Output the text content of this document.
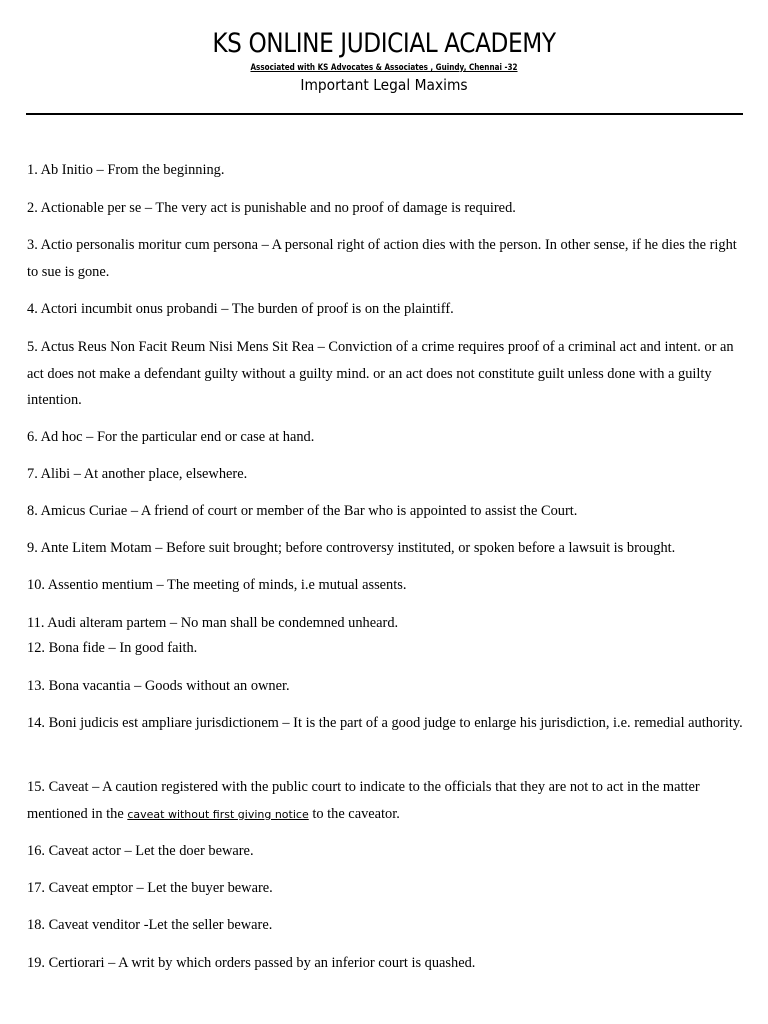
KS ONLINE JUDICIAL ACADEMY
Associated with KS Advocates & Associates , Guindy, Chennai -32
Important Legal Maxims
1. Ab Initio – From the beginning.
2. Actionable per se – The very act is punishable and no proof of damage is required.
3. Actio personalis moritur cum persona – A personal right of action dies with the person. In other sense, if he dies the right to sue is gone.
4. Actori incumbit onus probandi – The burden of proof is on the plaintiff.
5. Actus Reus Non Facit Reum Nisi Mens Sit Rea – Conviction of a crime requires proof of a criminal act and intent. or an act does not make a defendant guilty without a guilty mind. or an act does not constitute guilt unless done with a guilty intention.
6. Ad hoc – For the particular end or case at hand.
7. Alibi – At another place, elsewhere.
8. Amicus Curiae – A friend of court or member of the Bar who is appointed to assist the Court.
9. Ante Litem Motam – Before suit brought; before controversy instituted, or spoken before a lawsuit is brought.
10. Assentio mentium – The meeting of minds, i.e mutual assents.
11. Audi alteram partem – No man shall be condemned unheard.
12. Bona fide – In good faith.
13. Bona vacantia – Goods without an owner.
14. Boni judicis est ampliare jurisdictionem – It is the part of a good judge to enlarge his jurisdiction, i.e. remedial authority.
15. Caveat – A caution registered with the public court to indicate to the officials that they are not to act in the matter mentioned in the caveat without first giving notice to the caveator.
16. Caveat actor – Let the doer beware.
17. Caveat emptor – Let the buyer beware.
18. Caveat venditor -Let the seller beware.
19. Certiorari – A writ by which orders passed by an inferior court is quashed.
